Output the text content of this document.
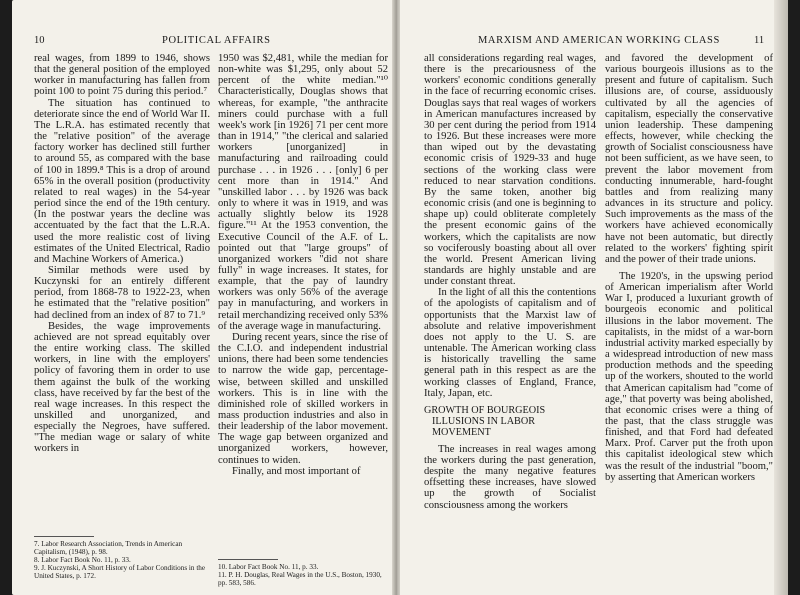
10	POLITICAL AFFAIRS

real wages, from 1899 to 1946, shows that the general position of the employed worker in manufacturing has fallen from point 100 to point 75 during this period.⁷

The situation has continued to deteriorate since the end of World War II. The L.R.A. has estimated recently that the "relative position" of the average factory worker has declined still further to around 55, as compared with the base of 100 in 1899.⁸ This is a drop of around 65% in the overall position (productivity related to real wages) in the 54-year period since the end of the 19th century. (In the postwar years the decline was accentuated by the fact that the L.R.A. used the more realistic cost of living estimates of the United Electrical, Radio and Machine Workers of America.)

Similar methods were used by Kuczynski for an entirely different period, from 1868-78 to 1922-23, when he estimated that the "relative position" had declined from an index of 87 to 71.⁹

Besides, the wage improvements achieved are not spread equitably over the entire working class. The skilled workers, in line with the employers' policy of favoring them in order to use them against the bulk of the working class, have received by far the best of the real wage increases. In this respect the unskilled and unorganized, and especially the Negroes, have suffered. "The median wage or salary of white workers in

1950 was $2,481, while the median for non-white was $1,295, only about 52 percent of the white median."¹⁰ Characteristically, Douglas shows that whereas, for example, "the anthracite miners could purchase with a full week's work [in 1926] 71 per cent more than in 1914," "the clerical and salaried workers [unorganized] in manufacturing and railroading could purchase . . . in 1926 . . . [only] 6 per cent more than in 1914." And "unskilled labor . . . by 1926 was back only to where it was in 1919, and was actually slightly below its 1928 figure."¹¹ At the 1953 convention, the Executive Council of the A.F. of L. pointed out that "large groups" of unorganized workers "did not share fully" in wage increases. It states, for example, that the pay of laundry workers was only 56% of the average pay in manufacturing, and workers in retail merchandizing received only 53% of the average wage in manufacturing.

During recent years, since the rise of the C.I.O. and independent industrial unions, there had been some tendencies to narrow the wide gap, percentage-wise, between skilled and unskilled workers. This is in line with the diminished role of skilled workers in mass production industries and also in their leadership of the labor movement. The wage gap between organized and unorganized workers, however, continues to widen.

Finally, and most important of

7. Labor Research Association, Trends in American Capitalism, (1948), p. 98.
8. Labor Fact Book No. 11, p. 33.
9. J. Kuczynski, A Short History of Labor Conditions in the United States, p. 172.
10. Labor Fact Book No. 11, p. 33.
11. P. H. Douglas, Real Wages in the U.S., Boston, 1930, pp. 583, 586.
MARXISM AND AMERICAN WORKING CLASS	11

all considerations regarding real wages, there is the precariousness of the workers' economic conditions generally in the face of recurring economic crises. Douglas says that real wages of workers in American manufactures increased by 30 per cent during the period from 1914 to 1926. But these increases were more than wiped out by the devastating economic crisis of 1929-33 and huge sections of the working class were reduced to near starvation conditions. By the same token, another big economic crisis (and one is beginning to shape up) could obliterate completely the present economic gains of the workers, which the capitalists are now so vociferously boasting about all over the world. Present American living standards are highly unstable and are under constant threat.

In the light of all this the contentions of the apologists of capitalism and of opportunists that the Marxist law of absolute and relative impoverishment does not apply to the U. S. are untenable. The American working class is historically travelling the same general path in this respect as are the working classes of England, France, Italy, Japan, etc.

GROWTH OF BOURGEOIS
ILLUSIONS IN LABOR
MOVEMENT

The increases in real wages among the workers during the past generation, despite the many negative features offsetting these increases, have slowed up the growth of Socialist consciousness among the workers

and favored the development of various bourgeois illusions as to the present and future of capitalism. Such illusions are, of course, assiduously cultivated by all the agencies of capitalism, especially the conservative union leadership. These dampening effects, however, while checking the growth of Socialist consciousness have not been sufficient, as we have seen, to prevent the labor movement from conducting innumerable, hard-fought battles and from realizing many advances in its structure and policy. Such improvements as the mass of the workers have achieved economically have not been automatic, but directly related to the workers' fighting spirit and the power of their trade unions.

The 1920's, in the upswing period of American imperialism after World War I, produced a luxuriant growth of bourgeois economic and political illusions in the labor movement. The capitalists, in the midst of a war-born industrial activity marked especially by a widespread introduction of new mass production methods and the speeding up of the workers, shouted to the world that American capitalism had "come of age," that poverty was being abolished, that economic crises were a thing of the past, that the class struggle was finished, and that Ford had defeated Marx. Prof. Carver put the froth upon this capitalist ideological stew which was the result of the industrial "boom," by asserting that American workers
